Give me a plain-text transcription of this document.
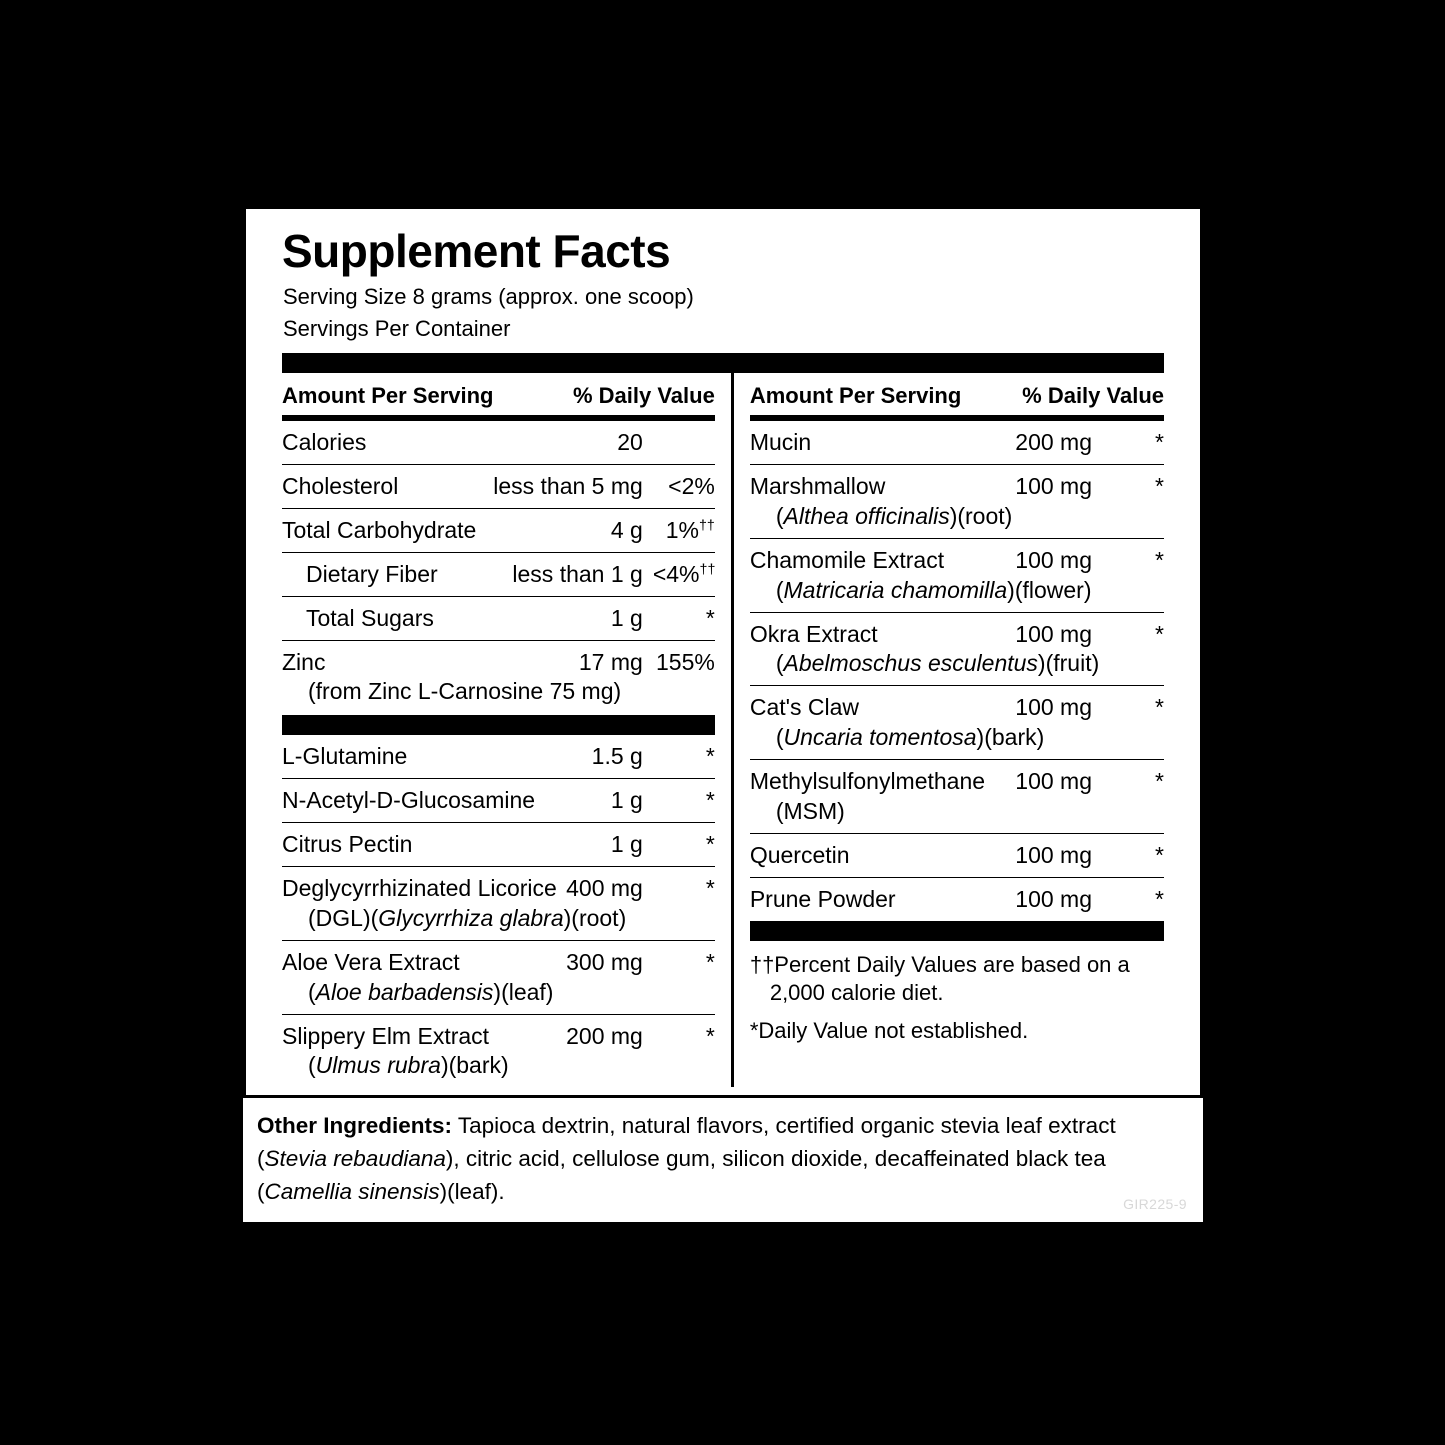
Supplement Facts
Serving Size 8 grams (approx. one scoop)
Servings Per Container
Amount Per Serving	% Daily Value
Calories	20
Cholesterol	less than 5 mg	<2%
Total Carbohydrate	4 g 1%††
Dietary Fiber	less than 1 g <4%††
Total Sugars	1 g	*
Zinc	17 mg 155%
(from Zinc L-Carnosine 75 mg)
L-Glutamine	1.5 g	*
N-Acetyl-D-Glucosamine	1 g	*
Citrus Pectin	1 g	*
Deglycyrrhizinated Licorice 400 mg	*
(DGL)(Glycyrrhiza glabra)(root)
Aloe Vera Extract	300 mg	*
(Aloe barbadensis)(leaf)
Slippery Elm Extract	200 mg	*
(Ulmus rubra)(bark)
Amount Per Serving	% Daily Value
Mucin	200 mg	*
Marshmallow	100 mg	*
(Althea officinalis)(root)
Chamomile Extract	100 mg	*
(Matricaria chamomilla)(flower)
Okra Extract	100 mg	*
(Abelmoschus esculentus)(fruit)
Cat's Claw	100 mg	*
(Uncaria tomentosa)(bark)
Methylsulfonylmethane	100 mg	*
(MSM)
Quercetin	100 mg	*
Prune Powder	100 mg	*
††Percent Daily Values are based on a
2,000 calorie diet.
*Daily Value not established.
Other Ingredients: Tapioca dextrin, natural flavors, certified organic stevia leaf extract (Stevia rebaudiana), citric acid, cellulose gum, silicon dioxide, decaffeinated black tea (Camellia sinensis)(leaf).
GIR225-9
